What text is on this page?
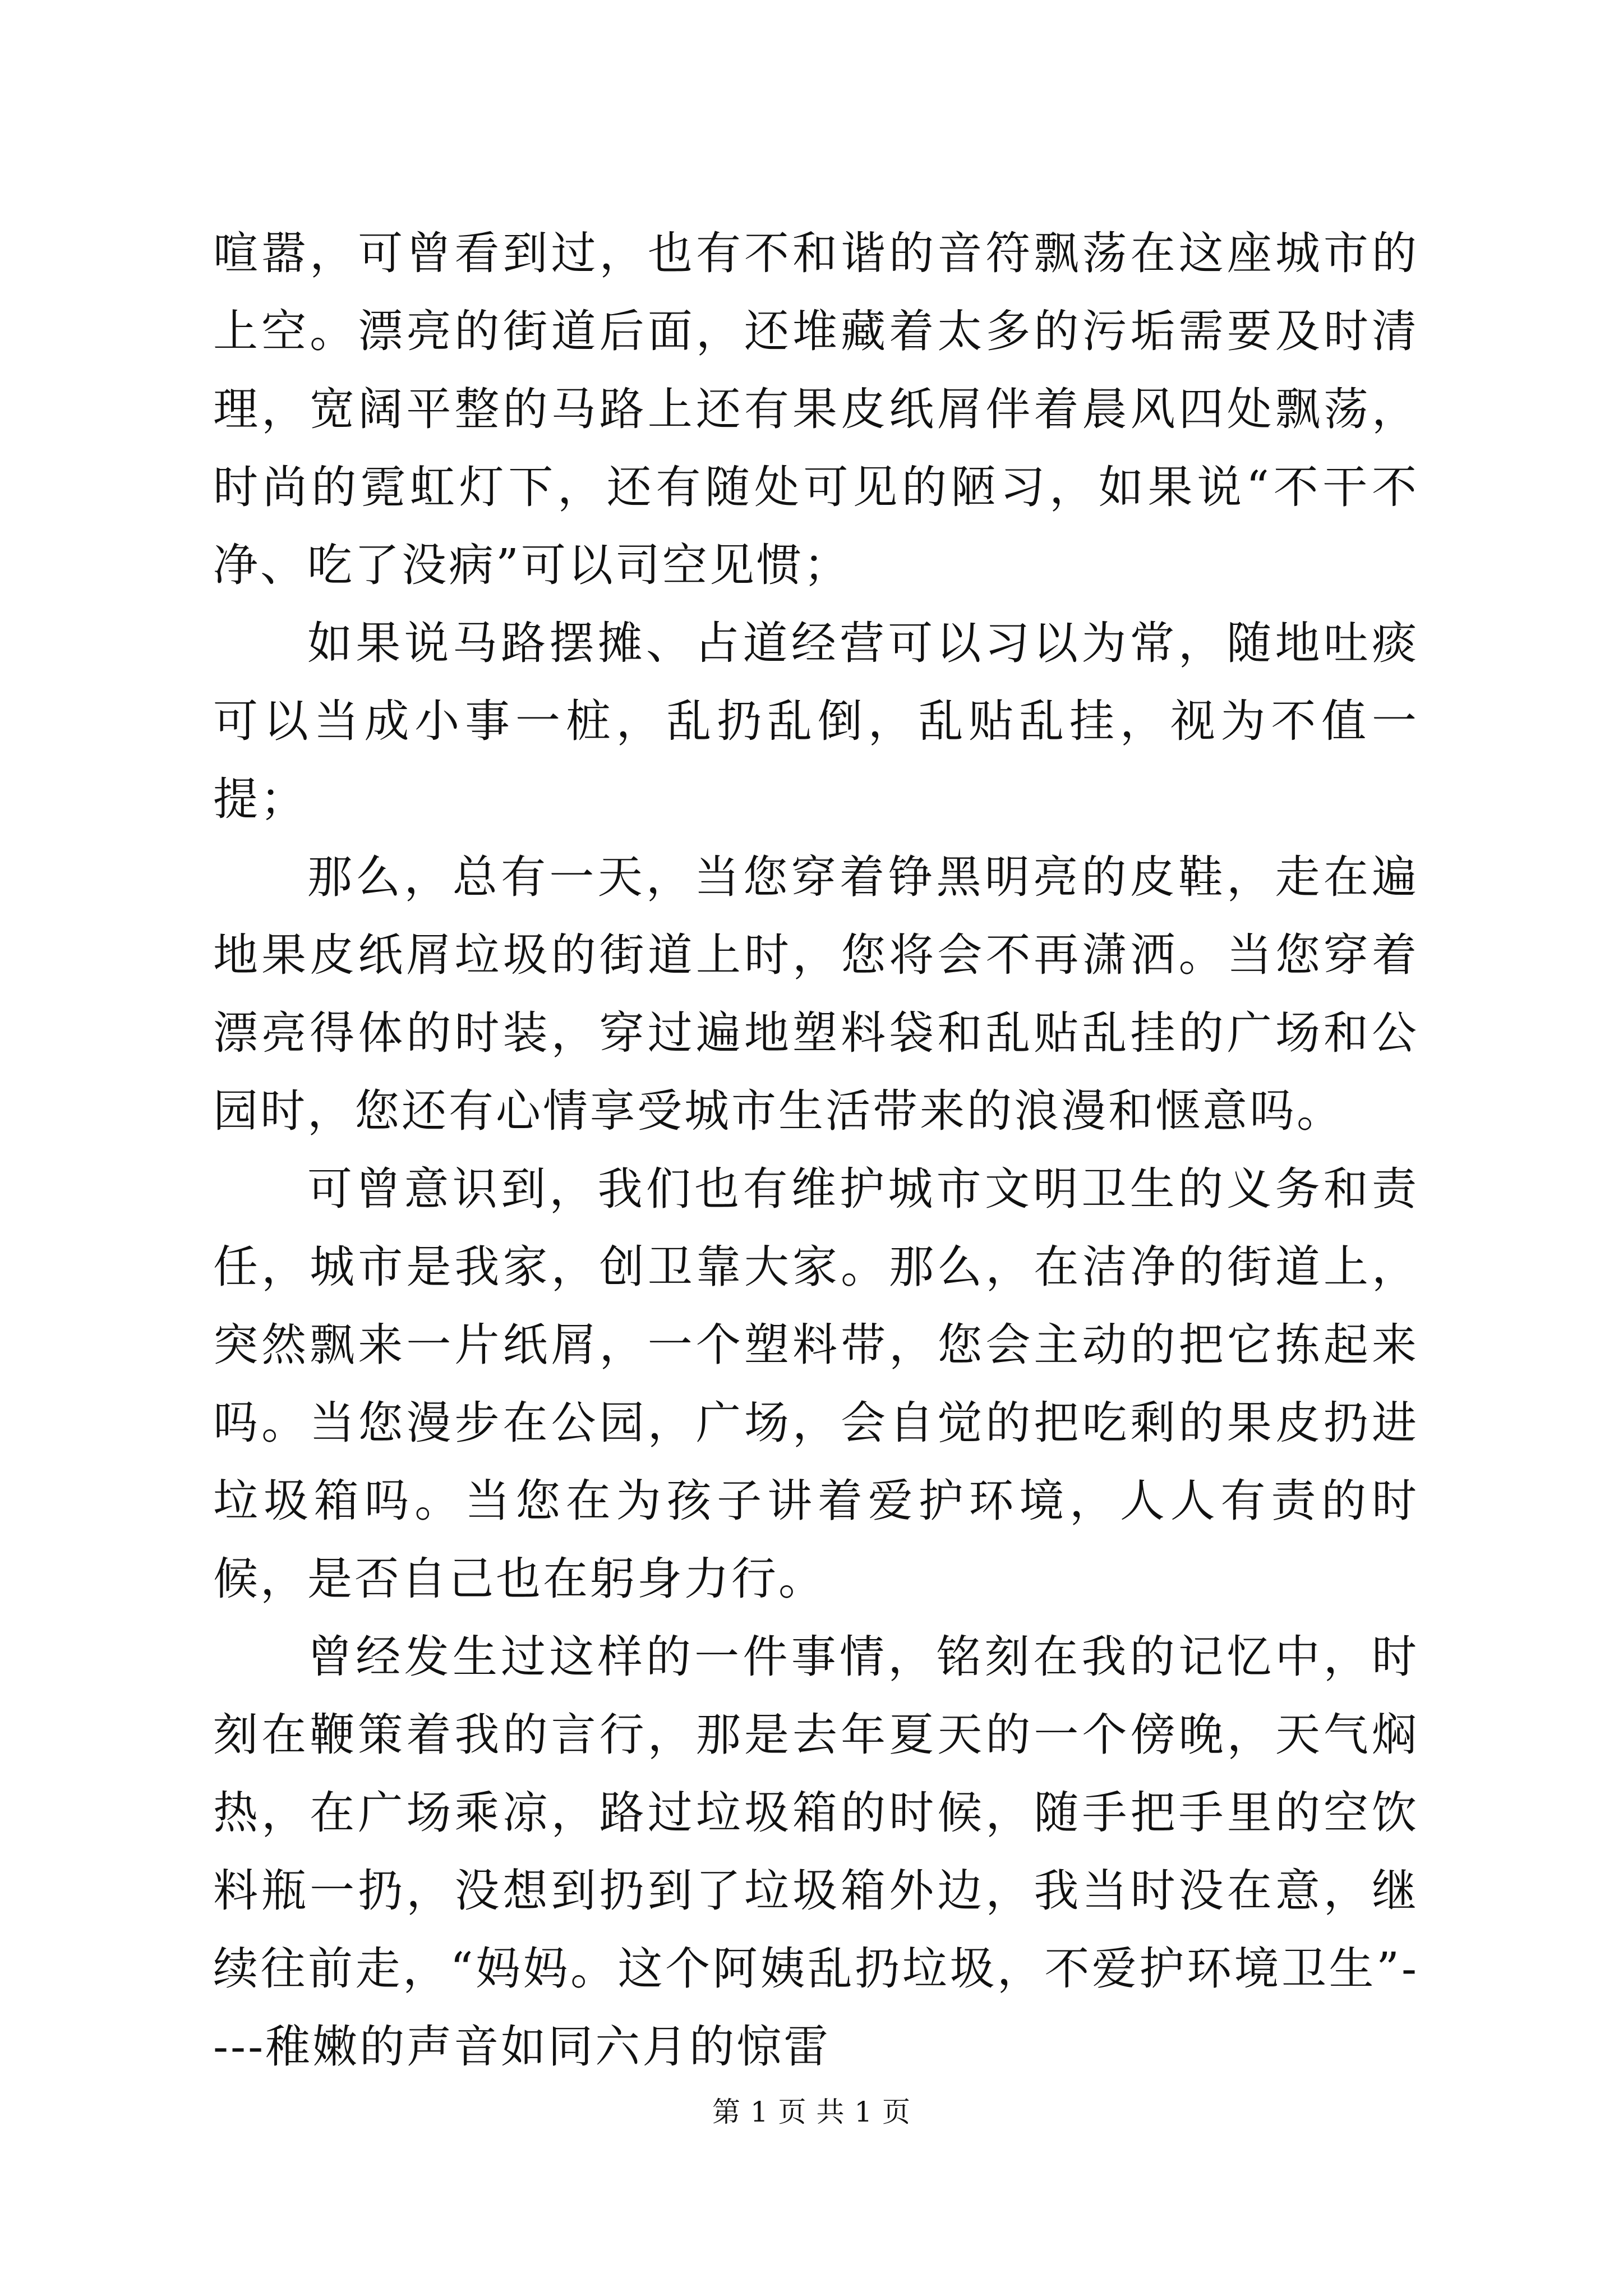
喧嚣，可曾看到过，也有不和谐的音符飘荡在这座城市的上空。漂亮的街道后面，还堆藏着太多的污垢需要及时清理，宽阔平整的马路上还有果皮纸屑伴着晨风四处飘荡，时尚的霓虹灯下，还有随处可见的陋习，如果说“不干不净、吃了没病”可以司空见惯；

如果说马路摆摊、占道经营可以习以为常，随地吐痰可以当成小事一桩，乱扔乱倒，乱贴乱挂，视为不值一提；

那么，总有一天，当您穿着铮黑明亮的皮鞋，走在遍地果皮纸屑垃圾的街道上时，您将会不再潇洒。当您穿着漂亮得体的时装，穿过遍地塑料袋和乱贴乱挂的广场和公园时，您还有心情享受城市生活带来的浪漫和惬意吗。

可曾意识到，我们也有维护城市文明卫生的义务和责任，城市是我家，创卫靠大家。那么，在洁净的街道上，突然飘来一片纸屑，一个塑料带，您会主动的把它拣起来吗。当您漫步在公园，广场，会自觉的把吃剩的果皮扔进垃圾箱吗。当您在为孩子讲着爱护环境，人人有责的时候，是否自己也在躬身力行。

曾经发生过这样的一件事情，铭刻在我的记忆中，时刻在鞭策着我的言行，那是去年夏天的一个傍晚，天气焖热，在广场乘凉，路过垃圾箱的时候，随手把手里的空饮料瓶一扔，没想到扔到了垃圾箱外边，我当时没在意，继续往前走，“妈妈。这个阿姨乱扔垃圾，不爱护环境卫生”----稚嫩的声音如同六月的惊雷

第 1 页 共 1 页
